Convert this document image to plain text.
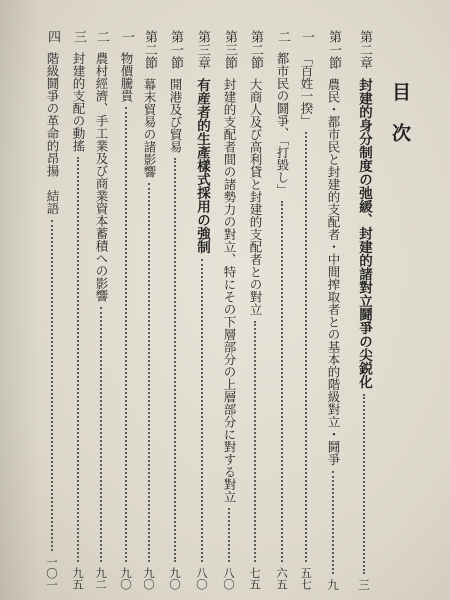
目次
第二章
封建的身分制度の弛緩、封建的諸對立鬪爭の尖鋭化
三
第一節
農民・都市民と封建的支配者・中間搾取者との基本的階級對立・鬪爭
九
一
「百姓一揆」
五七
二
都市民の鬪爭、「打毀し」
六五
第二節
大商人及び高利貸と封建的支配者との對立
七五
第三節
封建的支配者間の諸勢力の對立、特にその下層部分の上層部分に對する對立
八〇
第三章
有産者的生產樣式採用の強制
八〇
第一節
開港及び貿易
九〇
第二節
幕末貿易の諸影響
九〇
一
物價騰貴
九〇
二
農村經濟、手工業及び商業資本蓄積への影響
九二
三
封建的支配の動搖
九五
四
階級鬪爭の革命的昂揚　結語
一〇一
